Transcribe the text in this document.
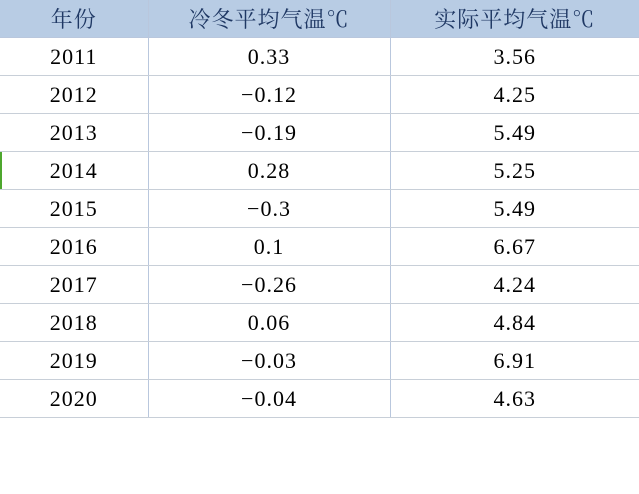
年份	冷冬平均气温℃	实际平均气温℃
2011	0.33	3.56
2012	−0.12	4.25
2013	−0.19	5.49
2014	0.28	5.25
2015	−0.3	5.49
2016	0.1	6.67
2017	−0.26	4.24
2018	0.06	4.84
2019	−0.03	6.91
2020	−0.04	4.63
